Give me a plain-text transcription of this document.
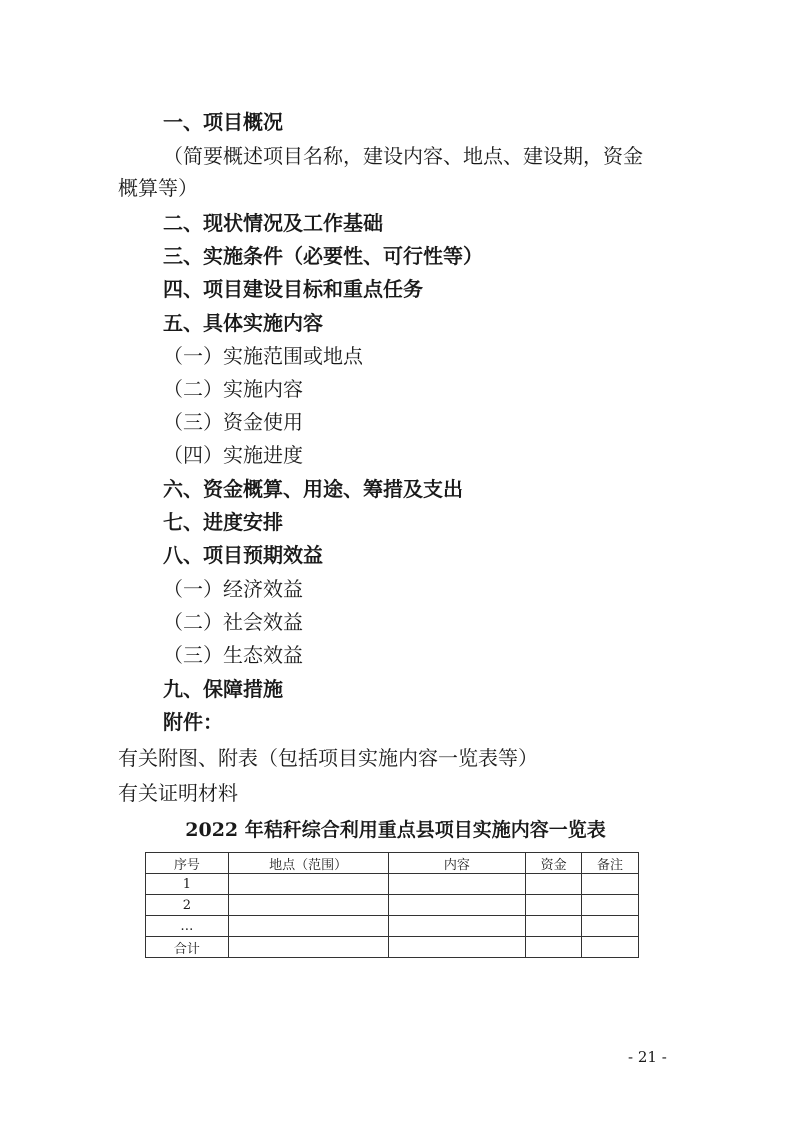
一、项目概况
（简要概述项目名称，建设内容、地点、建设期，资金
概算等）
二、现状情况及工作基础
三、实施条件（必要性、可行性等）
四、项目建设目标和重点任务
五、具体实施内容
（一）实施范围或地点
（二）实施内容
（三）资金使用
（四）实施进度
六、资金概算、用途、筹措及支出
七、进度安排
八、项目预期效益
（一）经济效益
（二）社会效益
（三）生态效益
九、保障措施
附件：
有关附图、附表（包括项目实施内容一览表等）
有关证明材料
2022 年秸秆综合利用重点县项目实施内容一览表
序号	地点（范围）	内容	资金	备注
1				
2				
…				
合计				
- 21 -
